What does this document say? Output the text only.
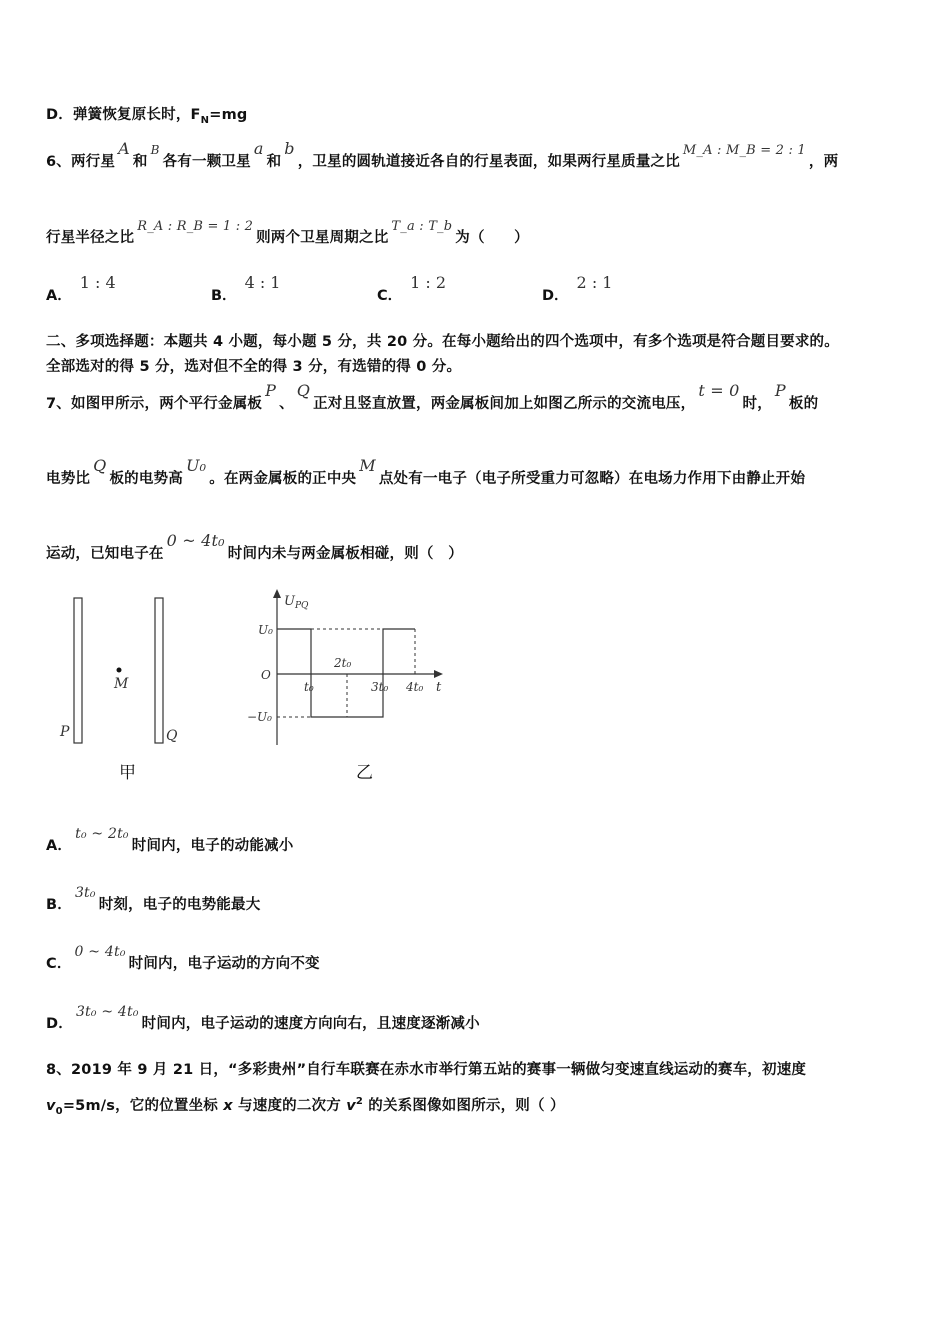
D．弹簧恢复原长时，$F_N=mg$
6、两行星A和$^B$各有一颗卫星a和b，卫星的圆轨道接近各自的行星表面，如果两行星质量之比M_A : M_B = 2 : 1，两
行星半径之比R_A : R_B = 1 : 2则两个卫星周期之比T_a : T_b为（　　）
A．1 : 4
B．4 : 1
C．1 : 2
D．2 : 1
二、多项选择题：本题共 4 小题，每小题 5 分，共 20 分。在每小题给出的四个选项中，有多个选项是符合题目要求的。
全部选对的得 5 分，选对但不全的得 3 分，有选错的得 0 分。
7、如图甲所示，两个平行金属板P、Q正对且竖直放置，两金属板间加上如图乙所示的交流电压，t = 0时，P板的
电势比Q板的电势高U₀。在两金属板的正中央M点处有一电子（电子所受重力可忽略）在电场力作用下由静止开始
运动，已知电子在0 ~ 4t₀时间内未与两金属板相碰，则（　）
M
P	Q
甲
$U_{PQ}$
U₀
−U₀
O
2t₀
t₀	3t₀ 4t₀ t
乙
A．t₀ ~ 2t₀时间内，电子的动能减小
B．3t₀时刻，电子的电势能最大
C．0 ~ 4t₀时间内，电子运动的方向不变
D．3t₀ ~ 4t₀时间内，电子运动的速度方向向右，且速度逐渐减小
8、2019 年 9 月 21 日，“多彩贵州”自行车联赛在赤水市举行第五站的赛事一辆做匀变速直线运动的赛车，初速度
$v_0=5m/s$，它的位置坐标 x 与速度的二次方 $v^2$ 的关系图像如图所示，则（ ）
